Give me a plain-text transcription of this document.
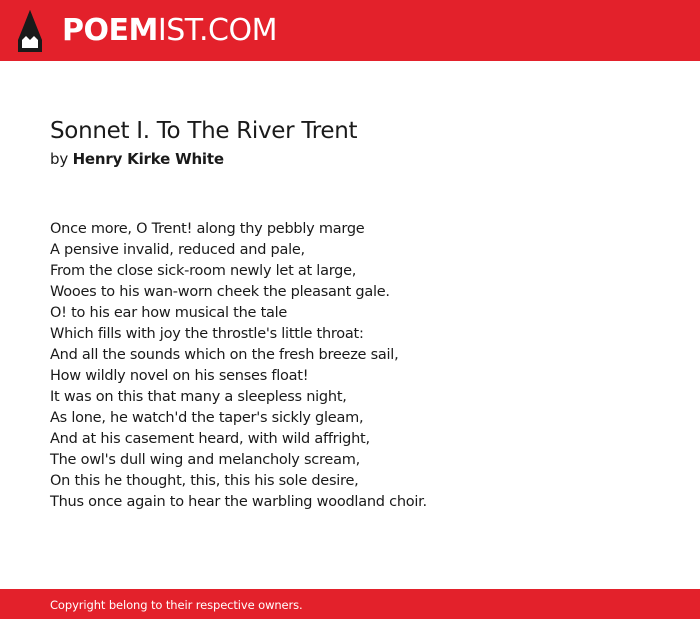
POEMIST.COM
Sonnet I. To The River Trent
by Henry Kirke White
Once more, O Trent! along thy pebbly marge
A pensive invalid, reduced and pale,
From the close sick-room newly let at large,
Wooes to his wan-worn cheek the pleasant gale.
O! to his ear how musical the tale
Which fills with joy the throstle's little throat:
And all the sounds which on the fresh breeze sail,
How wildly novel on his senses float!
It was on this that many a sleepless night,
As lone, he watch'd the taper's sickly gleam,
And at his casement heard, with wild affright,
The owl's dull wing and melancholy scream,
On this he thought, this, this his sole desire,
Thus once again to hear the warbling woodland choir.
Copyright belong to their respective owners.
